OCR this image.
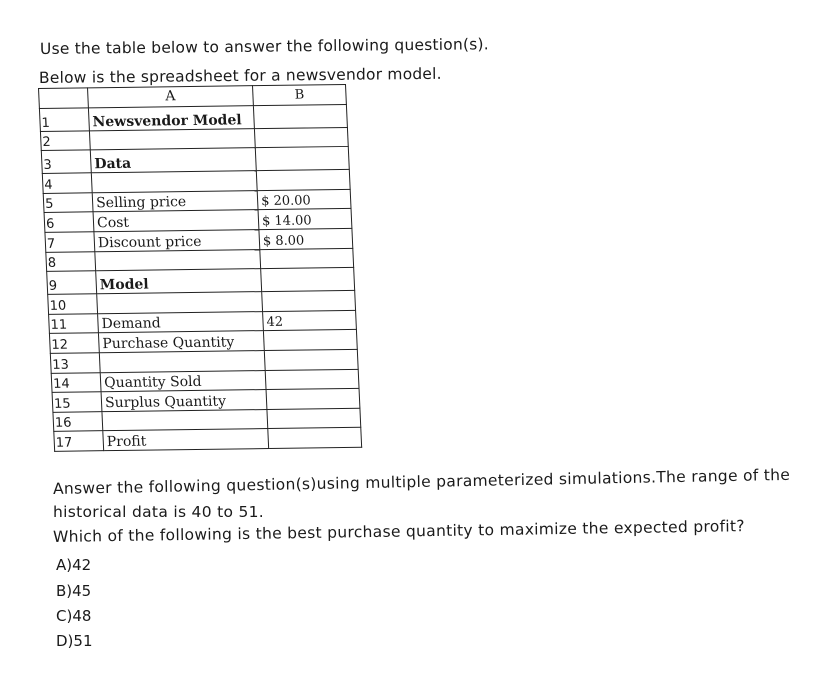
Use the table below to answer the following question(s).
Below is the spreadsheet for a newsvendor model.
	A	B
1	Newsvendor Model	
2		
3	Data	
4		
5	Selling price	$ 20.00
6	Cost	$ 14.00
7	Discount price	$ 8.00
8		
9	Model	
10		
11	Demand	42
12	Purchase Quantity	
13		
14	Quantity Sold	
15	Surplus Quantity	
16		
17	Profit	
Answer the following question(s)using multiple parameterized simulations.The range of the
historical data is 40 to 51.
Which of the following is the best purchase quantity to maximize the expected profit?
A)42
B)45
C)48
D)51
